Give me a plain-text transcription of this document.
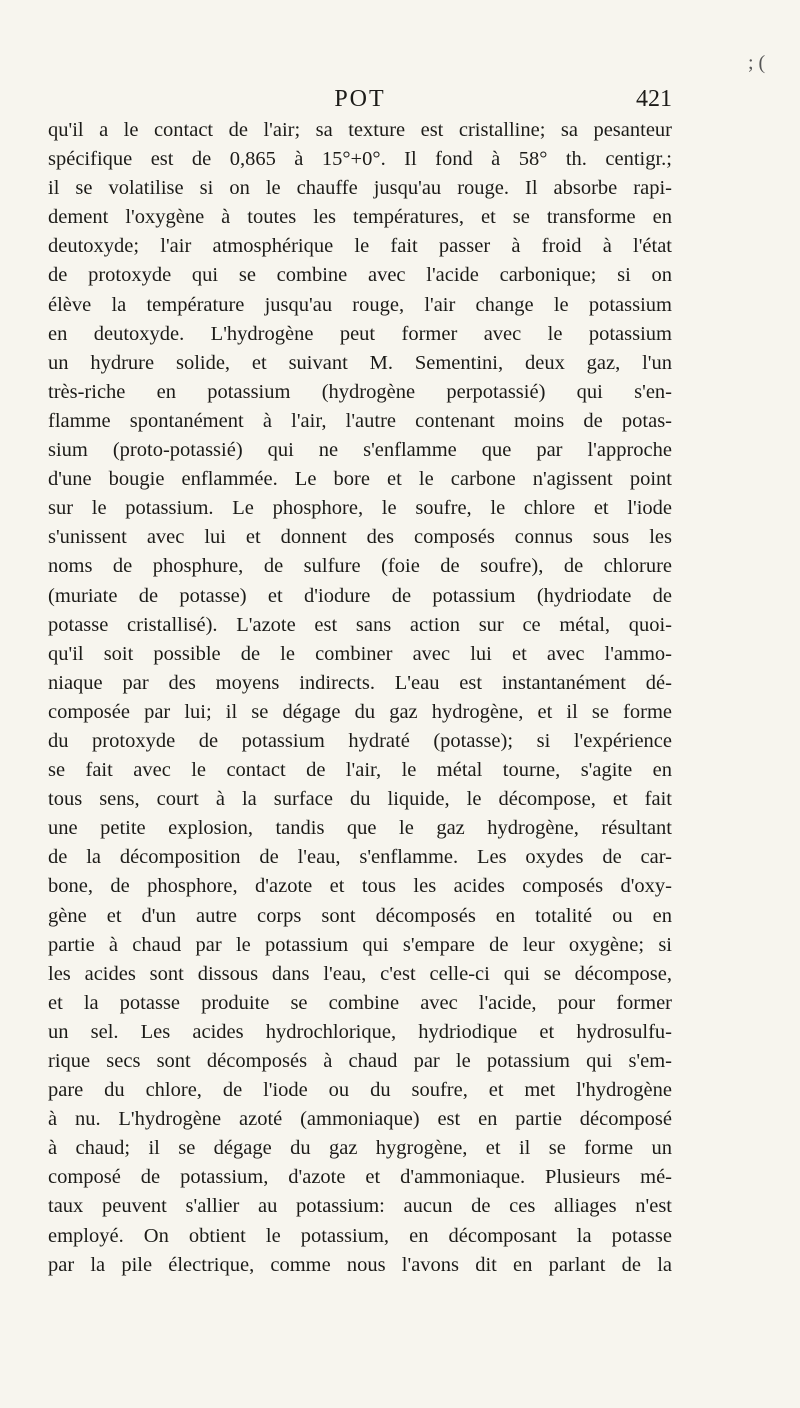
; (
POT	421
qu'il a le contact de l'air; sa texture est cristalline; sa pesanteur
spécifique est de 0,865 à 15°+0°. Il fond à 58° th. centigr.;
il se volatilise si on le chauffe jusqu'au rouge. Il absorbe rapi-
dement l'oxygène à toutes les températures, et se transforme en
deutoxyde; l'air atmosphérique le fait passer à froid à l'état
de protoxyde qui se combine avec l'acide carbonique; si on
élève la température jusqu'au rouge, l'air change le potassium
en deutoxyde. L'hydrogène peut former avec le potassium
un hydrure solide, et suivant M. Sementini, deux gaz, l'un
très-riche en potassium (hydrogène perpotassié) qui s'en-
flamme spontanément à l'air, l'autre contenant moins de potas-
sium (proto-potassié) qui ne s'enflamme que par l'approche
d'une bougie enflammée. Le bore et le carbone n'agissent point
sur le potassium. Le phosphore, le soufre, le chlore et l'iode
s'unissent avec lui et donnent des composés connus sous les
noms de phosphure, de sulfure (foie de soufre), de chlorure
(muriate de potasse) et d'iodure de potassium (hydriodate de
potasse cristallisé). L'azote est sans action sur ce métal, quoi-
qu'il soit possible de le combiner avec lui et avec l'ammo-
niaque par des moyens indirects. L'eau est instantanément dé-
composée par lui; il se dégage du gaz hydrogène, et il se forme
du protoxyde de potassium hydraté (potasse); si l'expérience
se fait avec le contact de l'air, le métal tourne, s'agite en
tous sens, court à la surface du liquide, le décompose, et fait
une petite explosion, tandis que le gaz hydrogène, résultant
de la décomposition de l'eau, s'enflamme. Les oxydes de car-
bone, de phosphore, d'azote et tous les acides composés d'oxy-
gène et d'un autre corps sont décomposés en totalité ou en
partie à chaud par le potassium qui s'empare de leur oxygène; si
les acides sont dissous dans l'eau, c'est celle-ci qui se décompose,
et la potasse produite se combine avec l'acide, pour former
un sel. Les acides hydrochlorique, hydriodique et hydrosulfu-
rique secs sont décomposés à chaud par le potassium qui s'em-
pare du chlore, de l'iode ou du soufre, et met l'hydrogène
à nu. L'hydrogène azoté (ammoniaque) est en partie décomposé
à chaud; il se dégage du gaz hygrogène, et il se forme un
composé de potassium, d'azote et d'ammoniaque. Plusieurs mé-
taux peuvent s'allier au potassium: aucun de ces alliages n'est
employé. On obtient le potassium, en décomposant la potasse
par la pile électrique, comme nous l'avons dit en parlant de la
